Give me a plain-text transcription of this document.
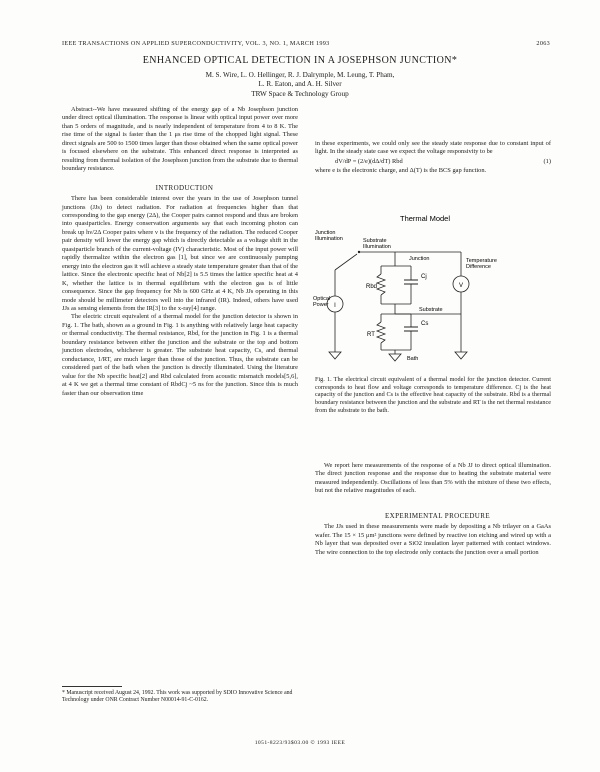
IEEE TRANSACTIONS ON APPLIED SUPERCONDUCTIVITY, VOL. 3, NO. 1, MARCH 1993	2063
ENHANCED OPTICAL DETECTION IN A JOSEPHSON JUNCTION*
M. S. Wire, L. O. Hellinger, R. J. Dalrymple, M. Leung, T. Pham,
L. R. Eaton, and A. H. Silver
TRW Space & Technology Group

Abstract--We have measured shifting of the energy gap of a Nb Josephson junction under direct optical illumination. The response is linear with optical input power over more than 5 orders of magnitude, and is nearly independent of temperature from 4 to 8 K. The rise time of the signal is faster than the 1 μs rise time of the chopped light signal. These direct signals are 500 to 1500 times larger than those obtained when the same optical power is focused elsewhere on the substrate. This enhanced direct response is interpreted as resulting from thermal isolation of the Josephson junction from the substrate due to thermal boundary resistance.

INTRODUCTION

There has been considerable interest over the years in the use of Josephson tunnel junctions (JJs) to detect radiation. For radiation at frequencies higher than that corresponding to the gap energy (2Δ), the Cooper pairs cannot respond and thus are broken into quasiparticles. Energy conservation arguments say that each incoming photon can break up hν/2Δ Cooper pairs where ν is the frequency of the radiation. The reduced Cooper pair density will lower the energy gap which is directly detectable as a voltage shift in the quasiparticle branch of the current-voltage (IV) characteristic. Most of the input power will rapidly thermalize within the electron gas [1], but since we are continuously pumping energy into the electron gas it will achieve a steady state temperature greater than that of the lattice. Since the electronic specific heat of Nb[2] is 5.5 times the lattice specific heat at 4 K, whether the lattice is in thermal equilibrium with the electron gas is of little consequence. Since the gap frequency for Nb is 600 GHz at 4 K, Nb JJs operating in this mode should be millimeter detectors well into the infrared (IR). Indeed, others have used JJs as sensing elements from the IR[3] to the x-ray[4] range.

The electric circuit equivalent of a thermal model for the junction detector is shown in Fig. 1. The bath, shown as a ground in Fig. 1 is anything with relatively large heat capacity or thermal conductivity. The thermal resistance, Rbd, for the junction in Fig. 1 is a thermal boundary resistance between either the junction and the substrate or the top and bottom junction electrodes, whichever is greater. The substrate heat capacity, Cs, and thermal conductance, 1/RT, are much larger than those of the junction. Thus, the substrate can be considered part of the bath when the junction is directly illuminated. Using the literature value for the Nb specific heat[2] and Rbd calculated from acoustic mismatch models[5,6], at 4 K we get a thermal time constant of RbdCj ~5 ns for the junction. Since this is much faster than our observation time

* Manuscript received August 24, 1992. This work was supported by SDIO Innovative Science and Technology under ONR Contract Number N00014-91-C-0162.

in these experiments, we could only see the steady state response due to constant input of light. In the steady state case we expect the voltage responsivity to be

dV/dP = (2/e)(dΔ/dT) Rbd	(1)

where e is the electronic charge, and Δ(T) is the BCS gap function.

Thermal Model
Junction Illumination	Substrate Illumination
Junction	Temperature Difference
Optical Power I
Rbd
Cj
Substrate
RT
Cs
Bath
V
Fig. 1. The electrical circuit equivalent of a thermal model for the junction detector. Current corresponds to heat flow and voltage corresponds to temperature difference. Cj is the heat capacity of the junction and Cs is the effective heat capacity of the substrate. Rbd is a thermal boundary resistance between the junction and the substrate and RT is the net thermal resistance from the substrate to the bath.

We report here measurements of the response of a Nb JJ to direct optical illumination. The direct junction response and the response due to heating the substrate material were measured independently. Oscillations of less than 5% with the mixture of these two effects, but not the relative magnitudes of each.

EXPERIMENTAL PROCEDURE

The JJs used in these measurements were made by depositing a Nb trilayer on a GaAs wafer. The 15 × 15 μm² junctions were defined by reactive ion etching and wired up with a Nb layer that was deposited over a SiO2 insulation layer patterned with contact windows. The wire connection to the top electrode only contacts the junction over a small portion

1051-8223/93$03.00 © 1993 IEEE
